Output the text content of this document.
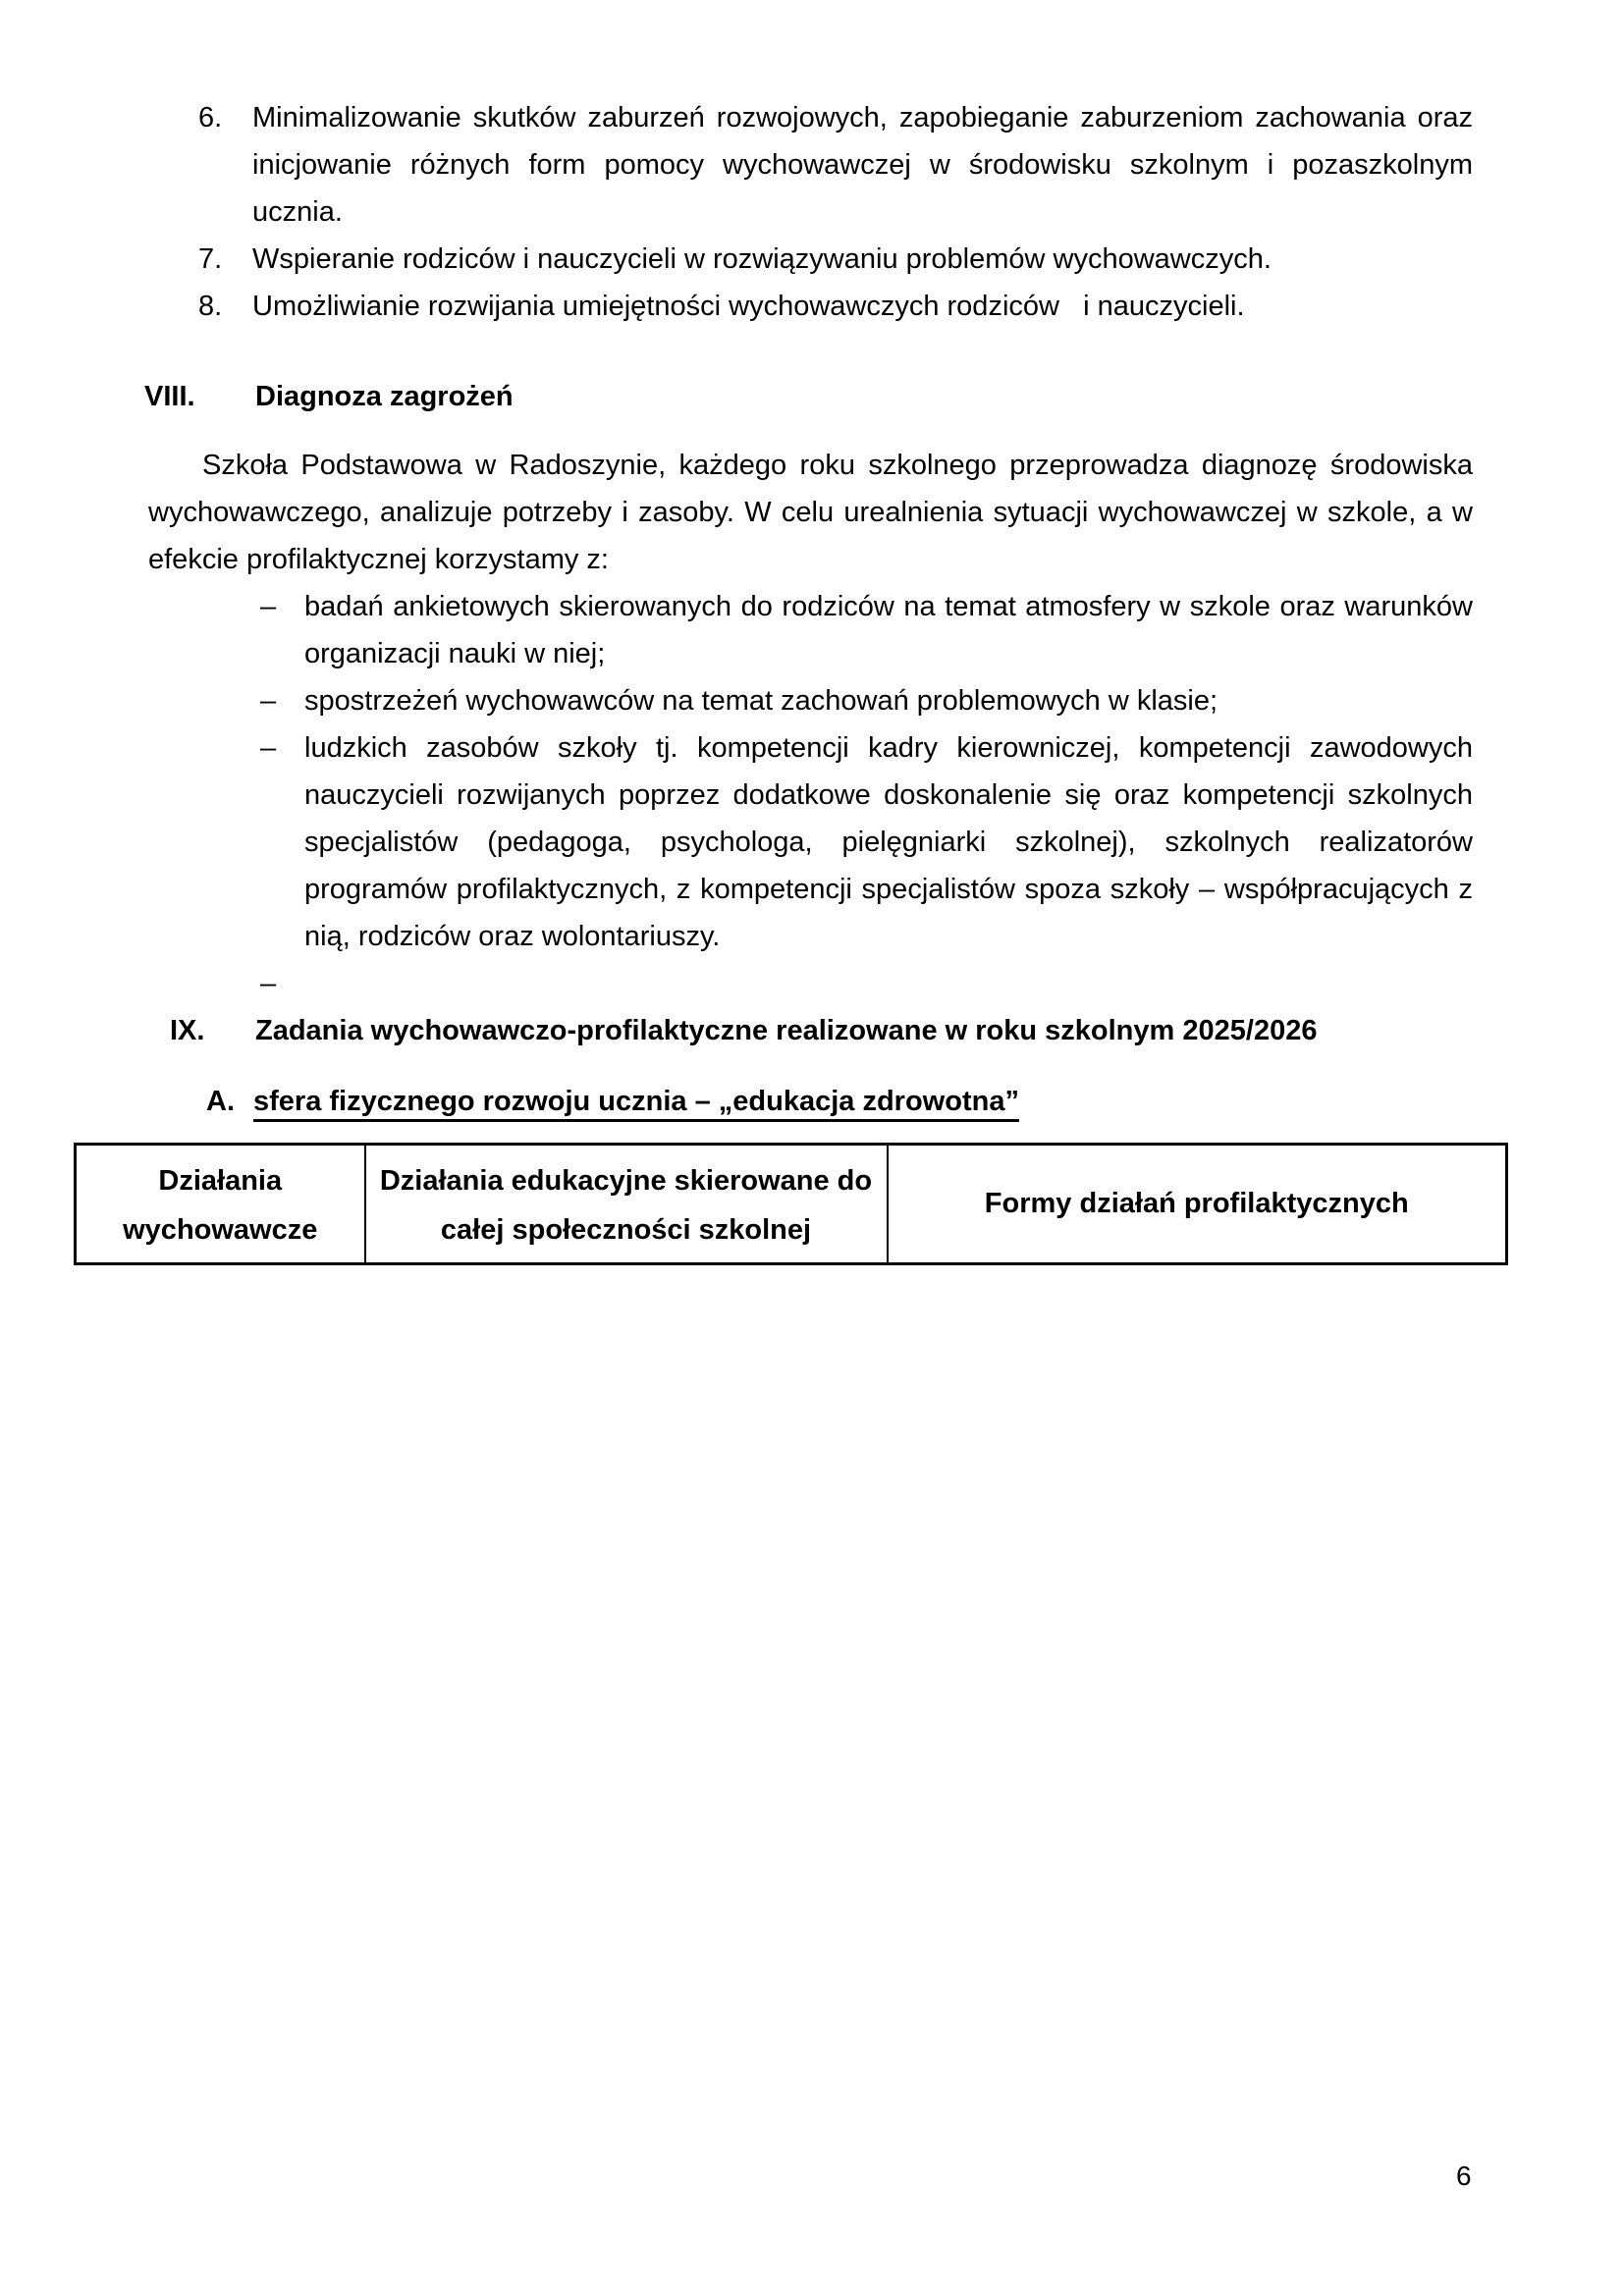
6.	Minimalizowanie skutków zaburzeń rozwojowych, zapobieganie zaburzeniom zachowania oraz inicjowanie różnych form pomocy wychowawczej w środowisku szkolnym i pozaszkolnym ucznia.
7.	Wspieranie rodziców i nauczycieli w rozwiązywaniu problemów wychowawczych.
8.	Umożliwianie rozwijania umiejętności wychowawczych rodziców   i nauczycieli.
VIII.	Diagnoza zagrożeń

Szkoła Podstawowa w Radoszynie, każdego roku szkolnego przeprowadza diagnozę środowiska wychowawczego, analizuje potrzeby i zasoby. W celu urealnienia sytuacji wychowawczej w szkole, a w efekcie profilaktycznej korzystamy z:

– badań ankietowych skierowanych do rodziców na temat atmosfery w szkole oraz warunków organizacji nauki w niej;
– spostrzeżeń wychowawców na temat zachowań problemowych w klasie;
– ludzkich zasobów szkoły tj. kompetencji kadry kierowniczej, kompetencji zawodowych nauczycieli rozwijanych poprzez dodatkowe doskonalenie się oraz kompetencji szkolnych specjalistów (pedagoga, psychologa, pielęgniarki szkolnej), szkolnych realizatorów programów profilaktycznych, z kompetencji specjalistów spoza szkoły – współpracujących z nią, rodziców oraz wolontariuszy.
–
IX.	Zadania wychowawczo-profilaktyczne realizowane w roku szkolnym 2025/2026
A. sfera fizycznego rozwoju ucznia – „edukacja zdrowotna”
Działania wychowawcze	Działania edukacyjne skierowane do całej społeczności szkolnej	Formy działań profilaktycznych
6
